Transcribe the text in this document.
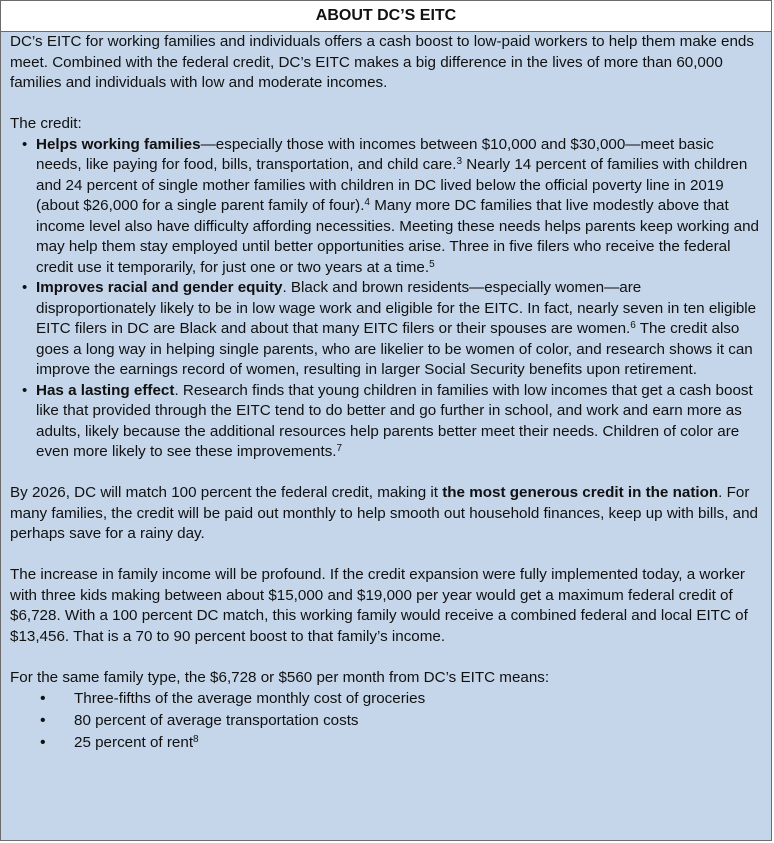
ABOUT DC’S EITC

DC’s EITC for working families and individuals offers a cash boost to low-paid workers to help them make ends meet. Combined with the federal credit, DC’s EITC makes a big difference in the lives of more than 60,000 families and individuals with low and moderate incomes.

The credit:

• Helps working families—especially those with incomes between $10,000 and $30,000—meet basic needs, like paying for food, bills, transportation, and child care.$^3$ Nearly 14 percent of families with children and 24 percent of single mother families with children in DC lived below the official poverty line in 2019 (about $26,000 for a single parent family of four).$^4$ Many more DC families that live modestly above that income level also have difficulty affording necessities. Meeting these needs helps parents keep working and may help them stay employed until better opportunities arise. Three in five filers who receive the federal credit use it temporarily, for just one or two years at a time.$^5$
• Improves racial and gender equity. Black and brown residents—especially women—are disproportionately likely to be in low wage work and eligible for the EITC. In fact, nearly seven in ten eligible EITC filers in DC are Black and about that many EITC filers or their spouses are women.$^6$ The credit also goes a long way in helping single parents, who are likelier to be women of color, and research shows it can improve the earnings record of women, resulting in larger Social Security benefits upon retirement.
• Has a lasting effect. Research finds that young children in families with low incomes that get a cash boost like that provided through the EITC tend to do better and go further in school, and work and earn more as adults, likely because the additional resources help parents better meet their needs. Children of color are even more likely to see these improvements.$^7$

By 2026, DC will match 100 percent the federal credit, making it the most generous credit in the nation. For many families, the credit will be paid out monthly to help smooth out household finances, keep up with bills, and perhaps save for a rainy day.

The increase in family income will be profound. If the credit expansion were fully implemented today, a worker with three kids making between about $15,000 and $19,000 per year would get a maximum federal credit of $6,728. With a 100 percent DC match, this working family would receive a combined federal and local EITC of $13,456. That is a 70 to 90 percent boost to that family’s income.

For the same family type, the $6,728 or $560 per month from DC’s EITC means:

• Three-fifths of the average monthly cost of groceries
• 80 percent of average transportation costs
• 25 percent of rent$^8$
